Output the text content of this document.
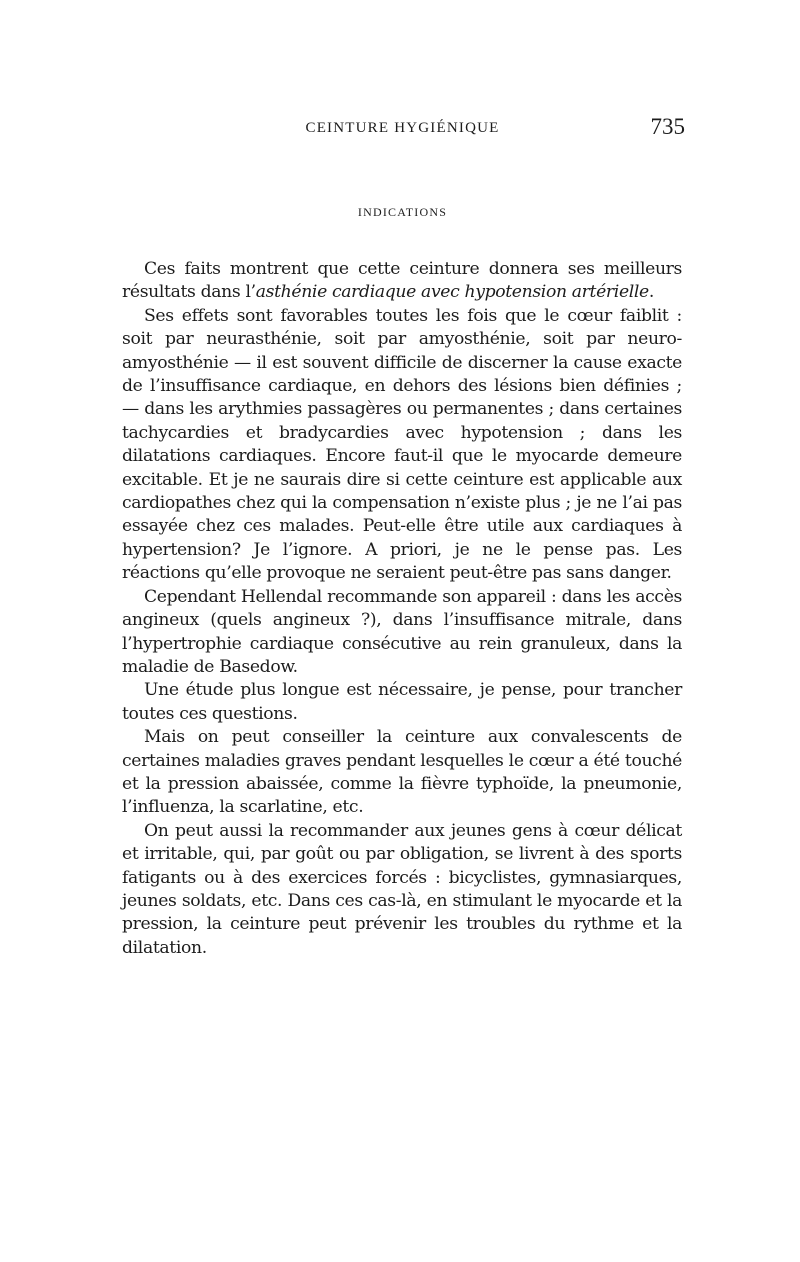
CEINTURE HYGIÉNIQUE	735
INDICATIONS

Ces faits montrent que cette ceinture donnera ses meilleurs résultats dans l’asthénie cardiaque avec hypotension artérielle.

Ses effets sont favorables toutes les fois que le cœur faiblit : soit par neurasthénie, soit par amyosthénie, soit par neuro-amyosthénie — il est souvent difficile de discerner la cause exacte de l’insuffisance cardiaque, en dehors des lésions bien définies ; — dans les arythmies passagères ou permanentes ; dans certaines tachycardies et bradycardies avec hypotension ; dans les dilatations cardiaques. Encore faut-il que le myocarde demeure excitable. Et je ne saurais dire si cette ceinture est applicable aux cardiopathes chez qui la compensation n’existe plus ; je ne l’ai pas essayée chez ces malades. Peut-elle être utile aux cardiaques à hypertension? Je l’ignore. A priori, je ne le pense pas. Les réactions qu’elle provoque ne seraient peut-être pas sans danger.

Cependant Hellendal recommande son appareil : dans les accès angineux (quels angineux ?), dans l’insuffisance mitrale, dans l’hypertrophie cardiaque consécutive au rein granuleux, dans la maladie de Basedow.

Une étude plus longue est nécessaire, je pense, pour trancher toutes ces questions.

Mais on peut conseiller la ceinture aux convalescents de certaines maladies graves pendant lesquelles le cœur a été touché et la pression abaissée, comme la fièvre typhoïde, la pneumonie, l’influenza, la scarlatine, etc.

On peut aussi la recommander aux jeunes gens à cœur délicat et irritable, qui, par goût ou par obligation, se livrent à des sports fatigants ou à des exercices forcés : bicyclistes, gymnasiarques, jeunes soldats, etc. Dans ces cas-là, en stimulant le myocarde et la pression, la ceinture peut prévenir les troubles du rythme et la dilatation.
